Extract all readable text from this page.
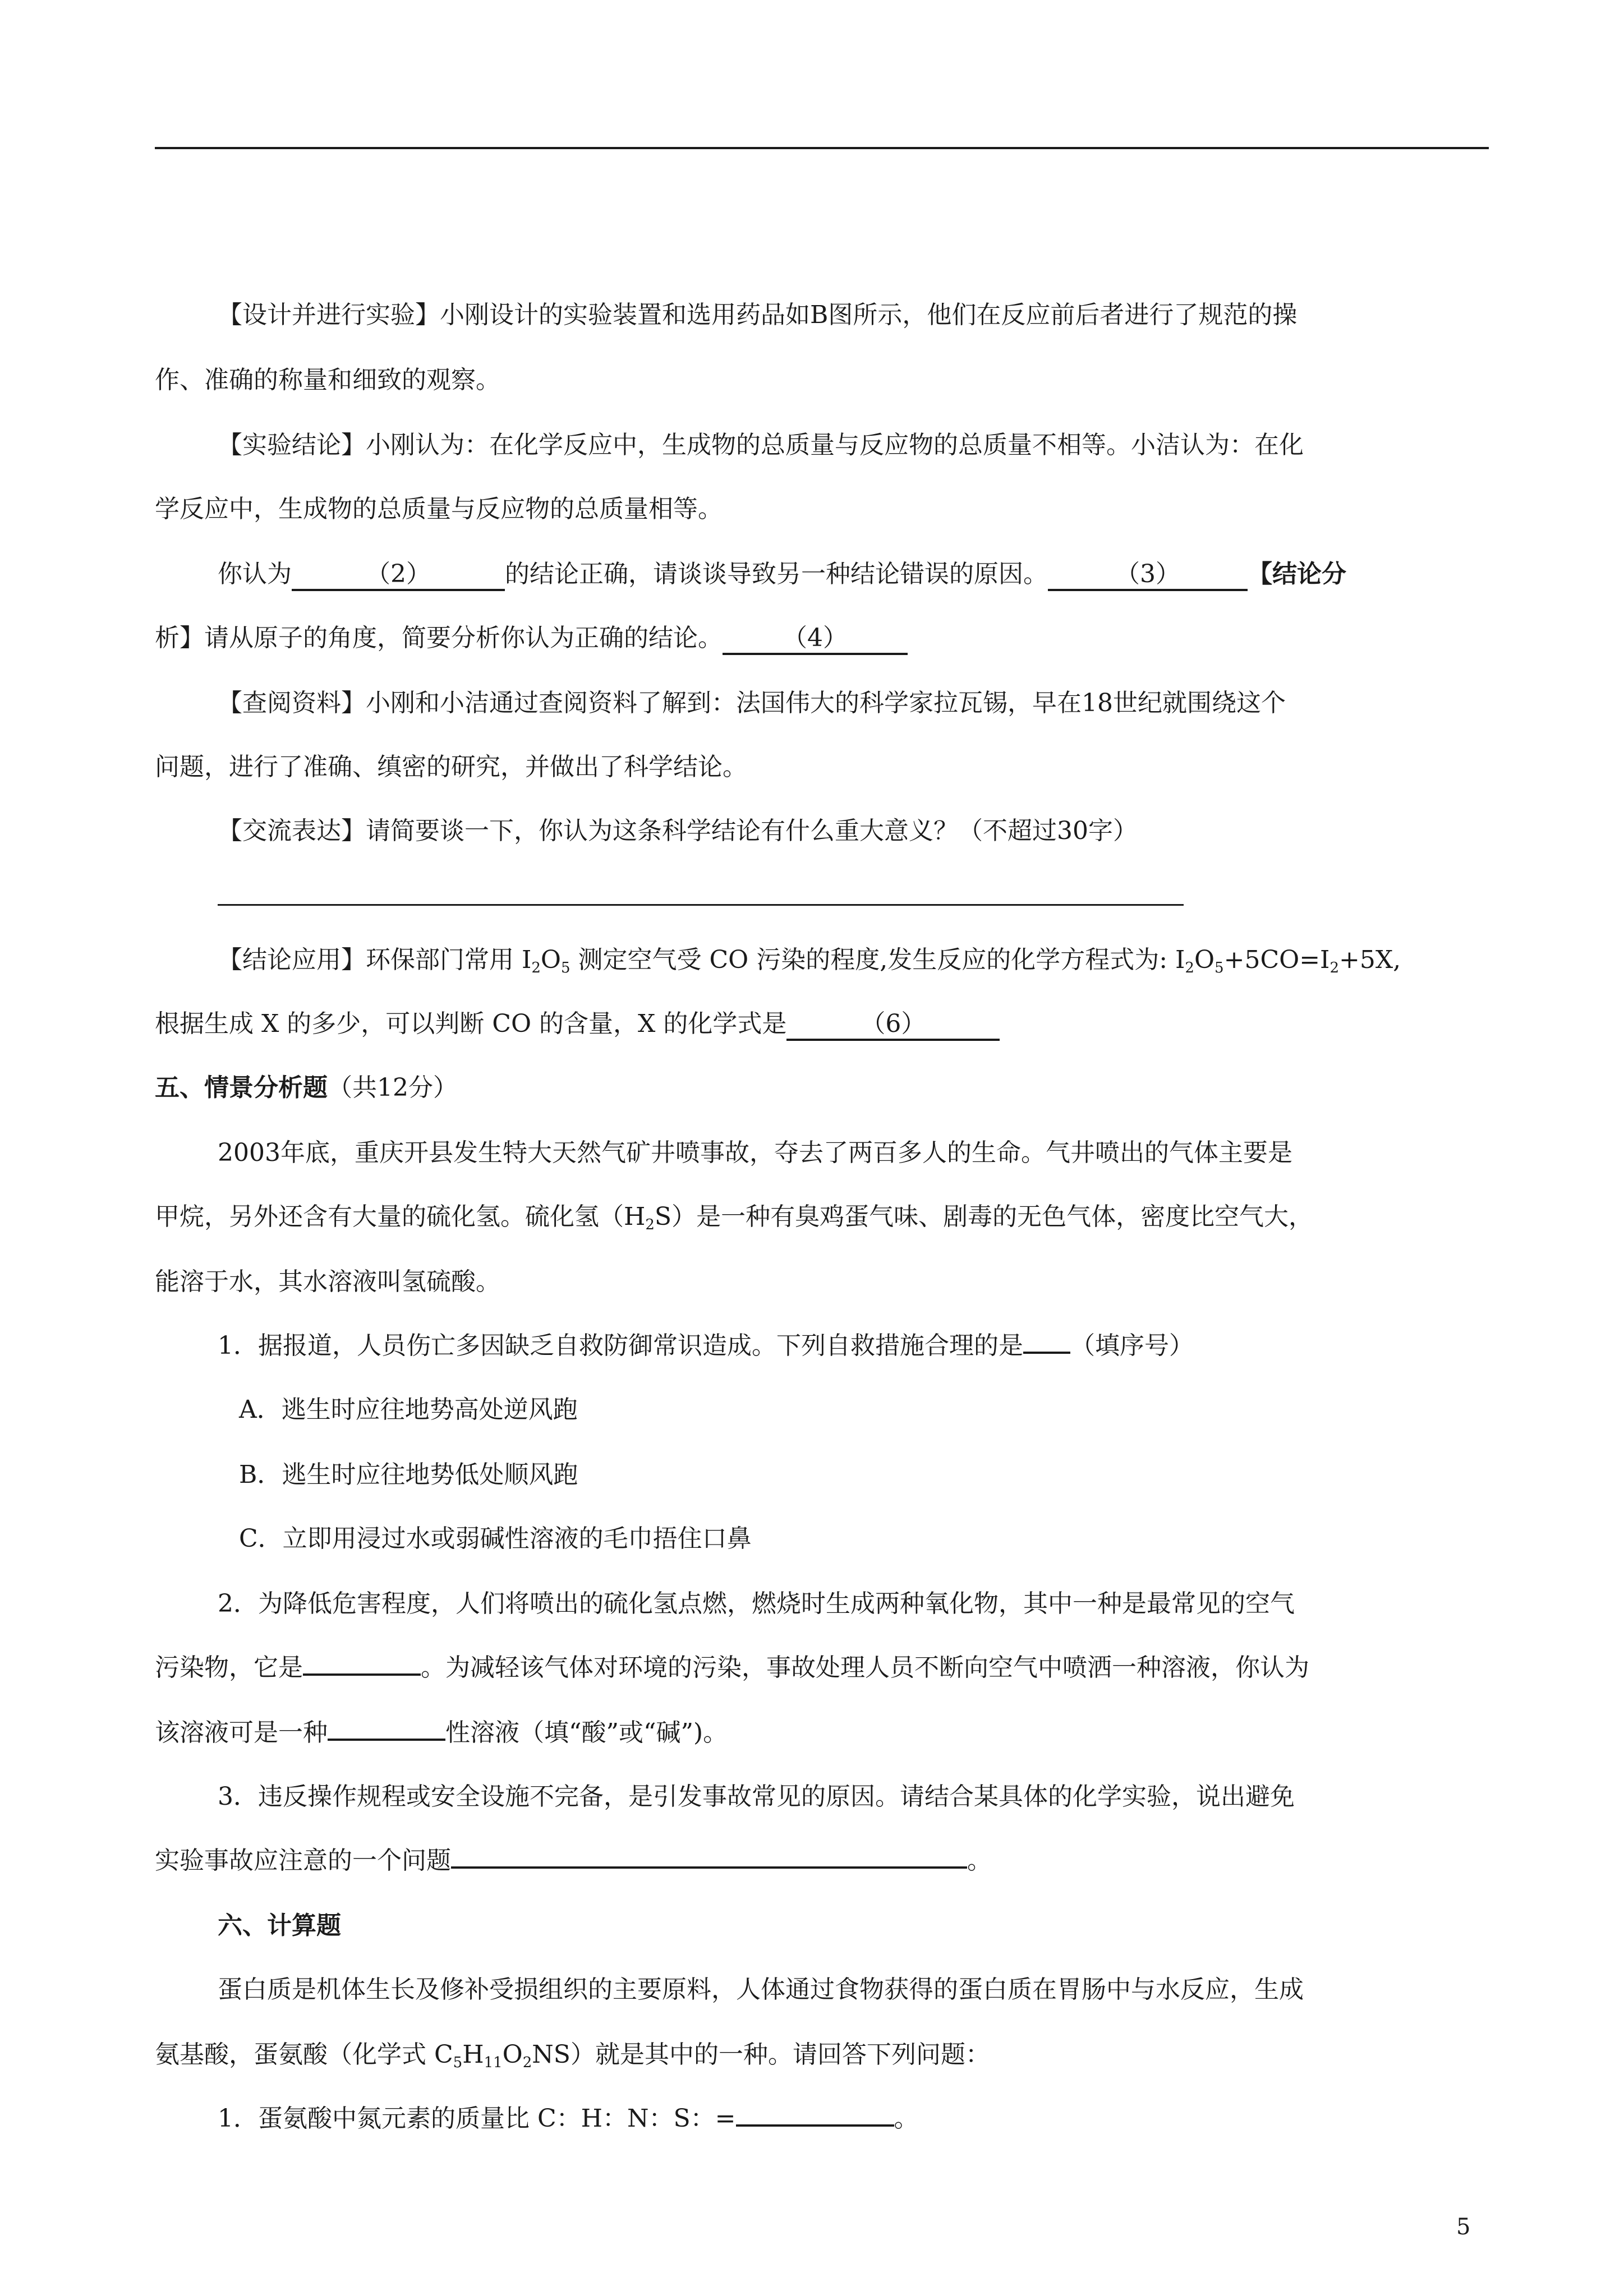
【设计并进行实验】小刚设计的实验装置和选用药品如B图所示，他们在反应前后者进行了规范的操
作、准确的称量和细致的观察。
【实验结论】小刚认为：在化学反应中，生成物的总质量与反应物的总质量不相等。小洁认为：在化
学反应中，生成物的总质量与反应物的总质量相等。
你认为	（2）	的结论正确，请谈谈导致另一种结论错误的原因。	（3）	【结论分
析】请从原子的角度，简要分析你认为正确的结论。 （4）
【查阅资料】小刚和小洁通过查阅资料了解到：法国伟大的科学家拉瓦锡，早在18世纪就围绕这个
问题，进行了准确、缜密的研究，并做出了科学结论。
【交流表达】请简要谈一下，你认为这条科学结论有什么重大意义？（不超过30字）
【结论应用】环保部门常用 $I_2O_5$ 测定空气受 CO 污染的程度,发生反应的化学方程式为: $I_2O_5+5CO=I_2+5X$,
根据生成 X 的多少，可以判断 CO 的含量，X 的化学式是	（6）
五、情景分析题（共12分）
2003年底，重庆开县发生特大天然气矿井喷事故，夺去了两百多人的生命。气井喷出的气体主要是
甲烷，另外还含有大量的硫化氢。硫化氢$(H_2S)$是一种有臭鸡蛋气味、剧毒的无色气体，密度比空气大，
能溶于水，其水溶液叫氢硫酸。
1．据报道，人员伤亡多因缺乏自救防御常识造成。下列自救措施合理的是 （填序号）
A．逃生时应往地势高处逆风跑
B．逃生时应往地势低处顺风跑
C．立即用浸过水或弱碱性溶液的毛巾捂住口鼻
2．为降低危害程度，人们将喷出的硫化氢点燃，燃烧时生成两种氧化物，其中一种是最常见的空气
污染物，它是	。为减轻该气体对环境的污染，事故处理人员不断向空气中喷洒一种溶液，你认为
该溶液可是一种	性溶液（填“酸”或“碱”)。
3．违反操作规程或安全设施不完备，是引发事故常见的原因。请结合某具体的化学实验，说出避免
实验事故应注意的一个问题	。
六、计算题
蛋白质是机体生长及修补受损组织的主要原料，人体通过食物获得的蛋白质在胃肠中与水反应，生成
氨基酸，蛋氨酸（化学式 $C_5H_{11}O_2NS$）就是其中的一种。请回答下列问题：
1．蛋氨酸中氮元素的质量比 C：H：N：S：=	。
5
